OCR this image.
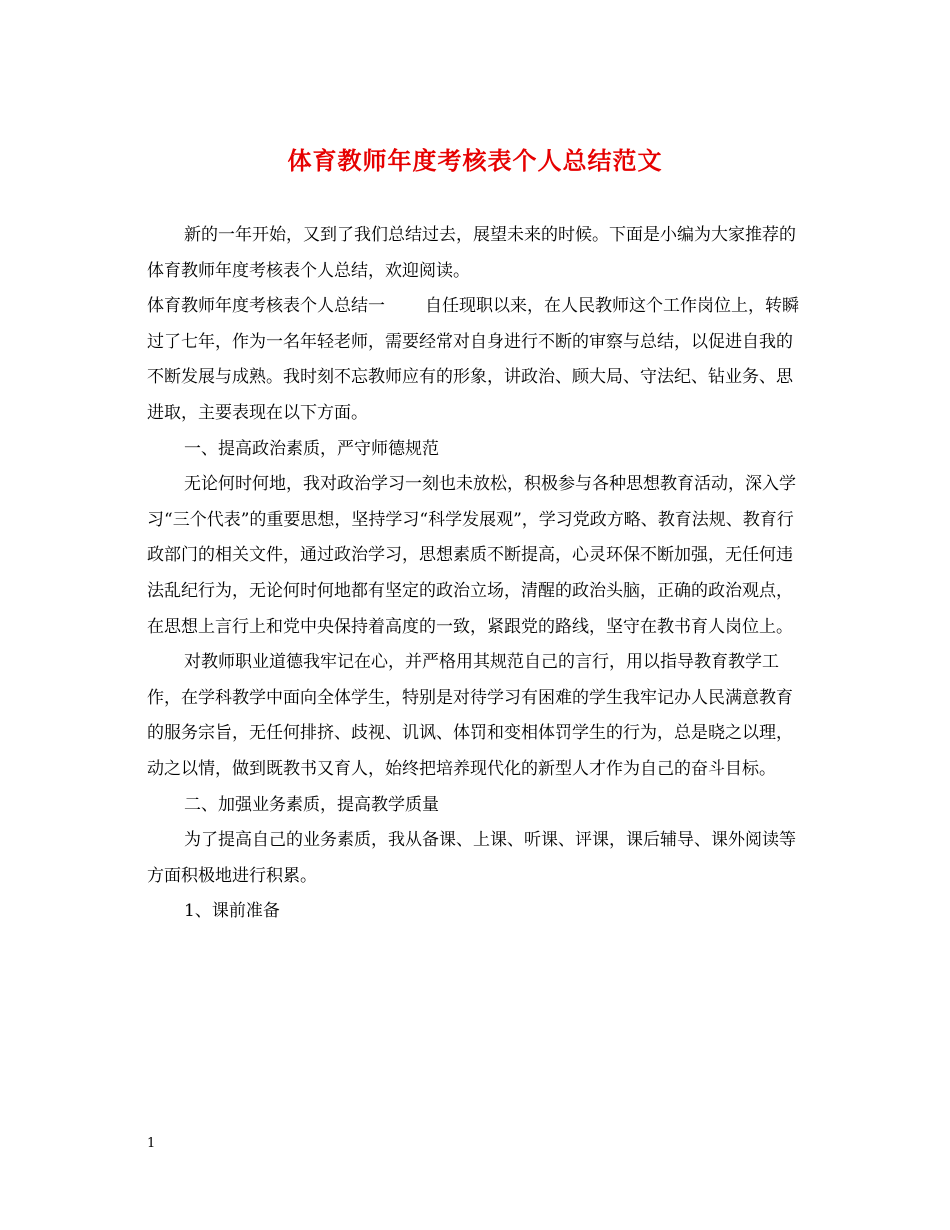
体育教师年度考核表个人总结范文

新的一年开始，又到了我们总结过去，展望未来的时候。下面是小编为大家推荐的体育教师年度考核表个人总结，欢迎阅读。

体育教师年度考核表个人总结一 自任现职以来，在人民教师这个工作岗位上，转瞬过了七年，作为一名年轻老师，需要经常对自身进行不断的审察与总结，以促进自我的不断发展与成熟。我时刻不忘教师应有的形象，讲政治、顾大局、守法纪、钻业务、思进取，主要表现在以下方面。

一、提高政治素质，严守师德规范

无论何时何地，我对政治学习一刻也未放松，积极参与各种思想教育活动，深入学习“三个代表”的重要思想，坚持学习“科学发展观”，学习党政方略、教育法规、教育行政部门的相关文件，通过政治学习，思想素质不断提高，心灵环保不断加强，无任何违法乱纪行为，无论何时何地都有坚定的政治立场，清醒的政治头脑，正确的政治观点，在思想上言行上和党中央保持着高度的一致，紧跟党的路线，坚守在教书育人岗位上。

对教师职业道德我牢记在心，并严格用其规范自己的言行，用以指导教育教学工作，在学科教学中面向全体学生，特别是对待学习有困难的学生我牢记办人民满意教育的服务宗旨，无任何排挤、歧视、讥讽、体罚和变相体罚学生的行为，总是晓之以理，动之以情，做到既教书又育人，始终把培养现代化的新型人才作为自己的奋斗目标。

二、加强业务素质，提高教学质量

为了提高自己的业务素质，我从备课、上课、听课、评课，课后辅导、课外阅读等方面积极地进行积累。

1、课前准备

1
